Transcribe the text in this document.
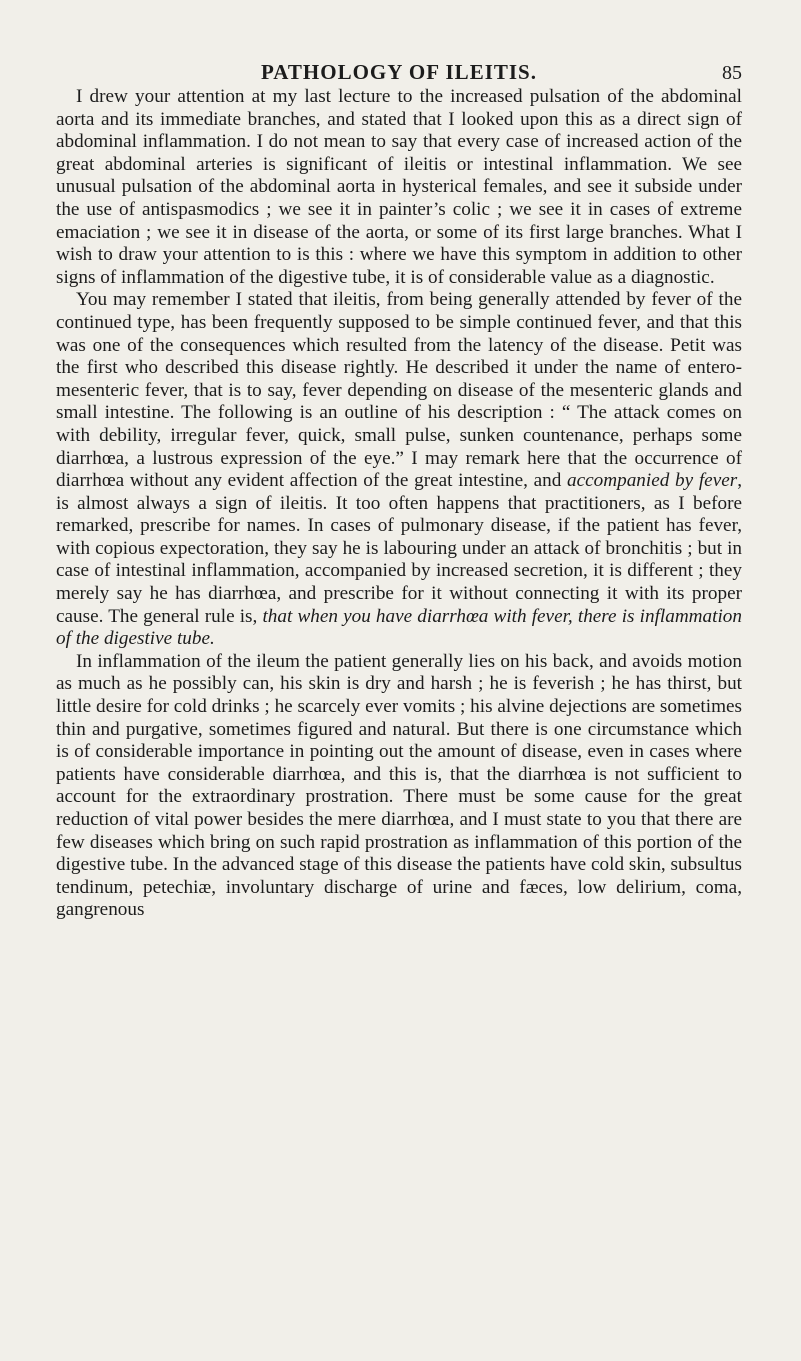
PATHOLOGY OF ILEITIS.	85

I drew your attention at my last lecture to the increased pulsation of the abdominal aorta and its immediate branches, and stated that I looked upon this as a direct sign of abdominal inflammation. I do not mean to say that every case of increased action of the great abdominal arteries is significant of ileitis or intestinal inflammation. We see unusual pulsation of the abdominal aorta in hysterical females, and see it subside under the use of antispasmodics ; we see it in painter’s colic ; we see it in cases of extreme emaciation ; we see it in disease of the aorta, or some of its first large branches. What I wish to draw your attention to is this : where we have this symptom in addition to other signs of inflammation of the digestive tube, it is of considerable value as a diagnostic.

You may remember I stated that ileitis, from being generally attended by fever of the continued type, has been frequently supposed to be simple continued fever, and that this was one of the consequences which resulted from the latency of the disease. Petit was the first who described this disease rightly. He described it under the name of entero-mesenteric fever, that is to say, fever depending on disease of the mesenteric glands and small intestine. The following is an outline of his description : “ The attack comes on with debility, irregular fever, quick, small pulse, sunken countenance, perhaps some diarrhœa, a lustrous expression of the eye.” I may remark here that the occurrence of diarrhœa without any evident affection of the great intestine, and accompanied by fever, is almost always a sign of ileitis. It too often happens that practitioners, as I before remarked, prescribe for names. In cases of pulmonary disease, if the patient has fever, with copious expectoration, they say he is labouring under an attack of bronchitis ; but in case of intestinal inflammation, accompanied by increased secretion, it is different ; they merely say he has diarrhœa, and prescribe for it without connecting it with its proper cause. The general rule is, that when you have diarrhœa with fever, there is inflammation of the digestive tube.

In inflammation of the ileum the patient generally lies on his back, and avoids motion as much as he possibly can, his skin is dry and harsh ; he is feverish ; he has thirst, but little desire for cold drinks ; he scarcely ever vomits ; his alvine dejections are sometimes thin and purgative, sometimes figured and natural. But there is one circumstance which is of considerable importance in pointing out the amount of disease, even in cases where patients have considerable diarrhœa, and this is, that the diarrhœa is not sufficient to account for the extraordinary prostration. There must be some cause for the great reduction of vital power besides the mere diarrhœa, and I must state to you that there are few diseases which bring on such rapid prostration as inflammation of this portion of the digestive tube. In the advanced stage of this disease the patients have cold skin, subsultus tendinum, petechiæ, involuntary discharge of urine and fæces, low delirium, coma, gangrenous
